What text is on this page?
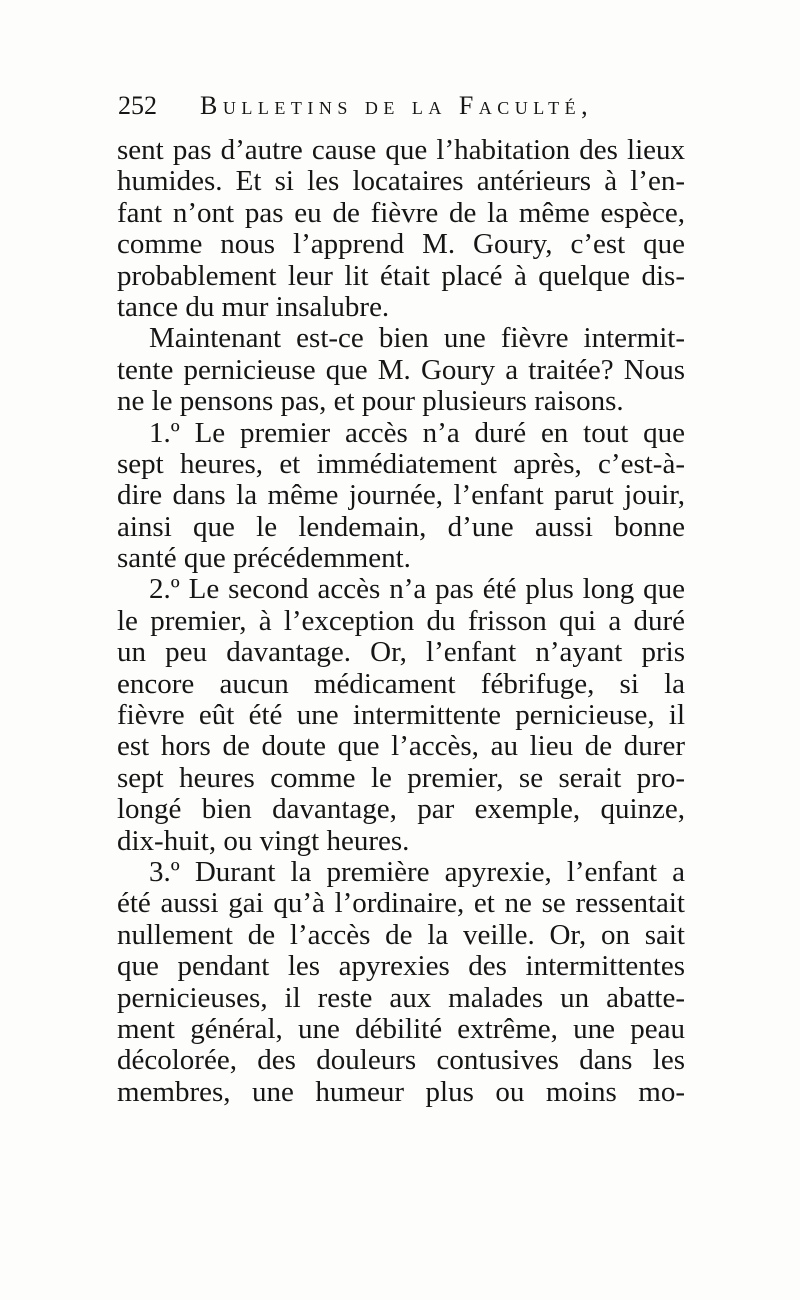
252 Bulletins de la Faculté,
sent pas d’autre cause que l’habitation des lieux
humides. Et si les locataires antérieurs à l’en-
fant n’ont pas eu de fièvre de la même espèce,
comme nous l’apprend M. Goury, c’est que
probablement leur lit était placé à quelque dis-
tance du mur insalubre.
Maintenant est-ce bien une fièvre intermit-
tente pernicieuse que M. Goury a traitée? Nous
ne le pensons pas, et pour plusieurs raisons.
1.º Le premier accès n’a duré en tout que
sept heures, et immédiatement après, c’est-à-
dire dans la même journée, l’enfant parut jouir,
ainsi que le lendemain, d’une aussi bonne
santé que précédemment.
2.º Le second accès n’a pas été plus long que
le premier, à l’exception du frisson qui a duré
un peu davantage. Or, l’enfant n’ayant pris
encore aucun médicament fébrifuge, si la
fièvre eût été une intermittente pernicieuse, il
est hors de doute que l’accès, au lieu de durer
sept heures comme le premier, se serait pro-
longé bien davantage, par exemple, quinze,
dix-huit, ou vingt heures.
3.º Durant la première apyrexie, l’enfant a
été aussi gai qu’à l’ordinaire, et ne se ressentait
nullement de l’accès de la veille. Or, on sait
que pendant les apyrexies des intermittentes
pernicieuses, il reste aux malades un abatte-
ment général, une débilité extrême, une peau
décolorée, des douleurs contusives dans les
membres, une humeur plus ou moins mo-
